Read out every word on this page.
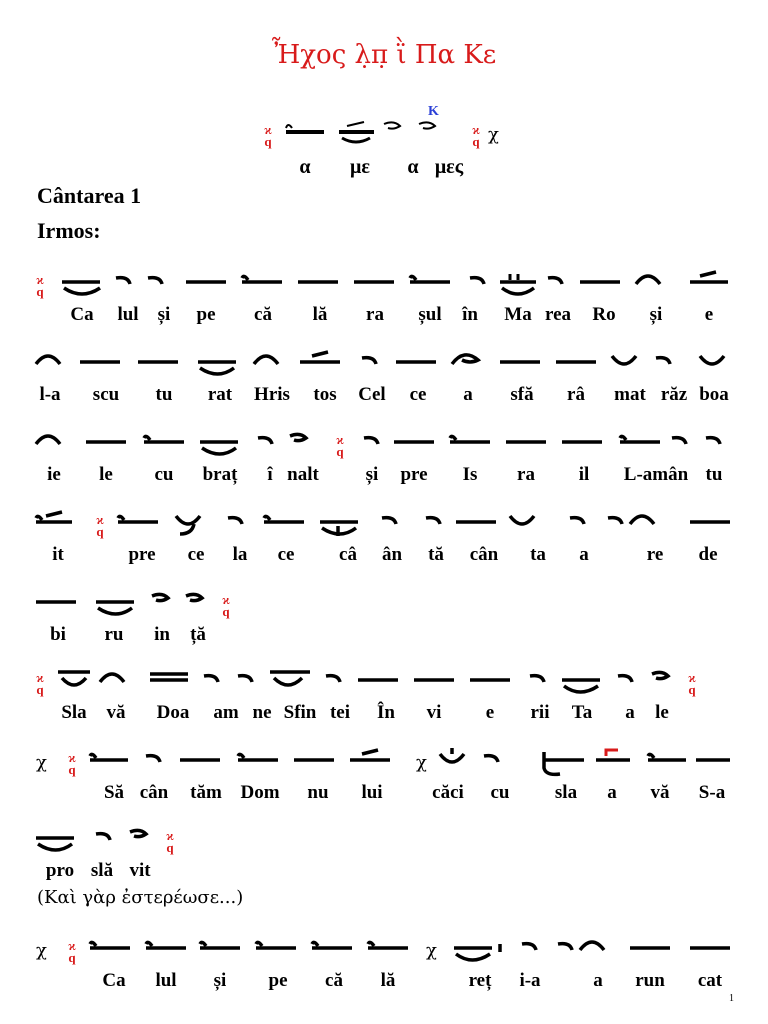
Ἦχος λ̣π̣ ῒ Πα Κε
ϰ
q
Κ
ϰ
q χ
α	με	α μες
Cântarea 1
Irmos:
ϰ
q
Ca lul și pe că lă ra șul în Ma rea Ro și e
l-a scu tu rat Hris tos Cel ce a sfă râ mat răz boa
ϰ
q
ie le cu braț î nalt și pre Is ra il L-amân tu
ϰ
q
it	pre ce la ce câ ân tă cân ta a	re de
ϰ
q
bi ru in ță
ϰ
q
ϰ
q
Sla vă Doa am ne Sfin tei În vi e rii Ta a le
χ ϰ
q	χ
Să cân tăm Dom nu lui	căci cu sla a vă S-a
ϰ
q
pro slă vit
(Καὶ γὰρ ἐστερέωσε...)
χ ϰ
q	χ
Ca lul și pe că lă	reț i-a	a run cat
1
